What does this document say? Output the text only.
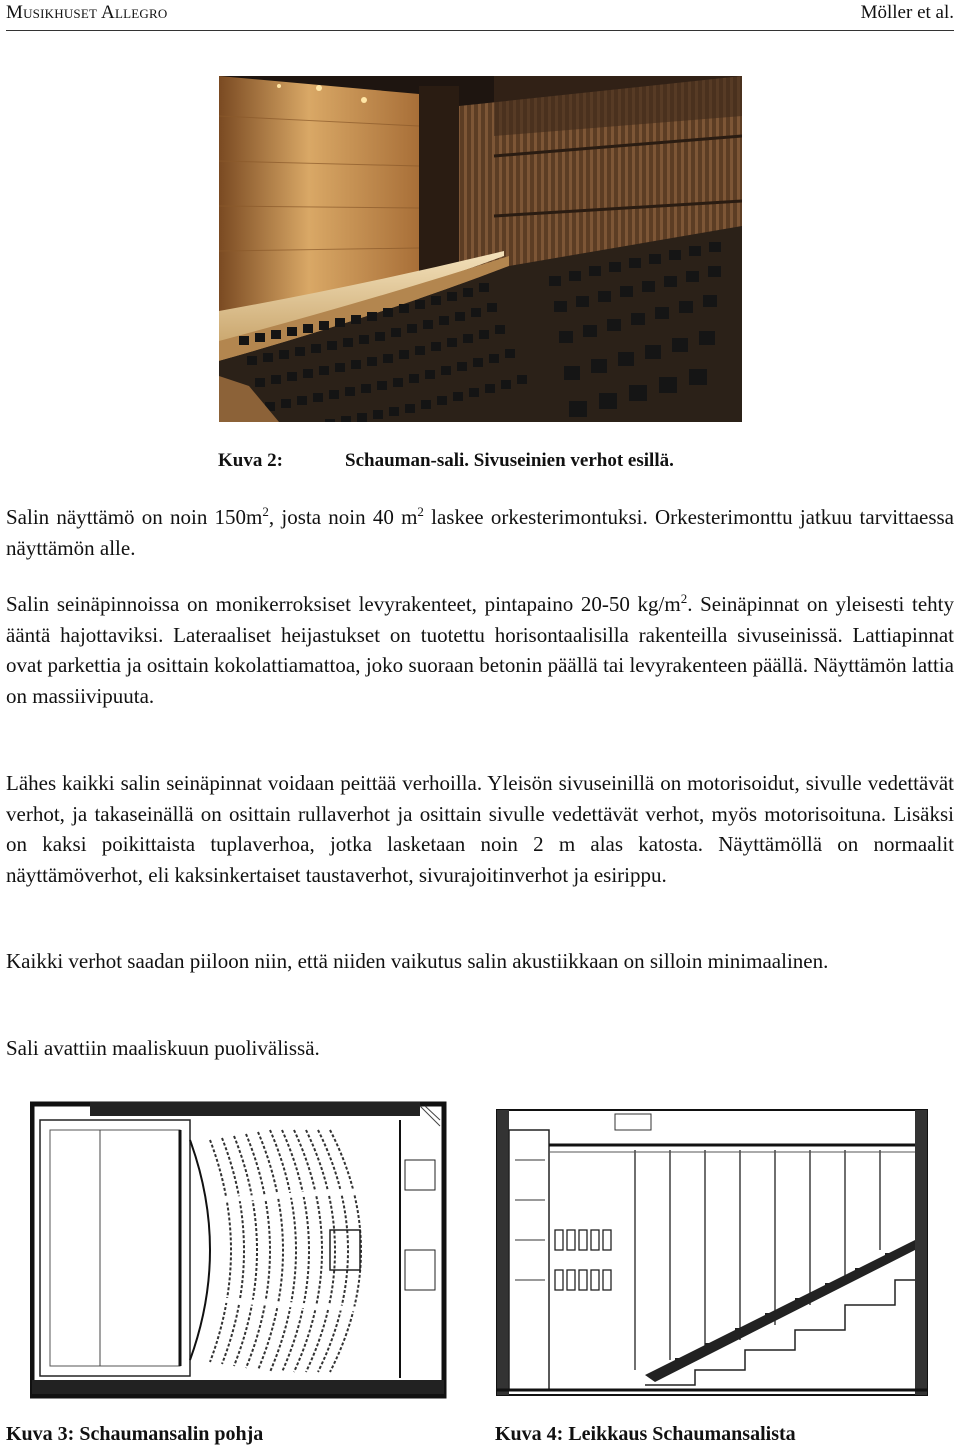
Musikhuset Allegro	Möller et al.
Kuva 2:	Schauman-sali. Sivuseinien verhot esillä.

Salin näyttämö on noin $150m^2$, josta noin 40 $m^2$ laskee orkesterimontuksi. Orkesterimonttu jatkuu tarvittaessa näyttämön alle.

Salin seinäpinnoissa on monikerroksiset levyrakenteet, pintapaino 20-50 $kg/m^2$. Seinäpinnat on yleisesti tehty ääntä hajottaviksi. Lateraaliset heijastukset on tuotettu horisontaalisilla rakenteilla sivuseinissä. Lattiapinnat ovat parkettia ja osittain kokolattiamattoa, joko suoraan betonin päällä tai levyrakenteen päällä. Näyttämön lattia on massiivipuuta.

Lähes kaikki salin seinäpinnat voidaan peittää verhoilla. Yleisön sivuseinillä on motorisoidut, sivulle vedettävät verhot, ja takaseinällä on osittain rullaverhot ja osittain sivulle vedettävät verhot, myös motorisoituna. Lisäksi on kaksi poikittaista tuplaverhoa, jotka lasketaan noin 2 m alas katosta. Näyttämöllä on normaalit näyttämöverhot, eli kaksinkertaiset taustaverhot, sivurajoitinverhot ja esirippu.

Kaikki verhot saadan piiloon niin, että niiden vaikutus salin akustiikkaan on silloin minimaalinen.

Sali avattiin maaliskuun puolivälissä.

Kuva 3: Schaumansalin pohja	Kuva 4: Leikkaus Schaumansalista
